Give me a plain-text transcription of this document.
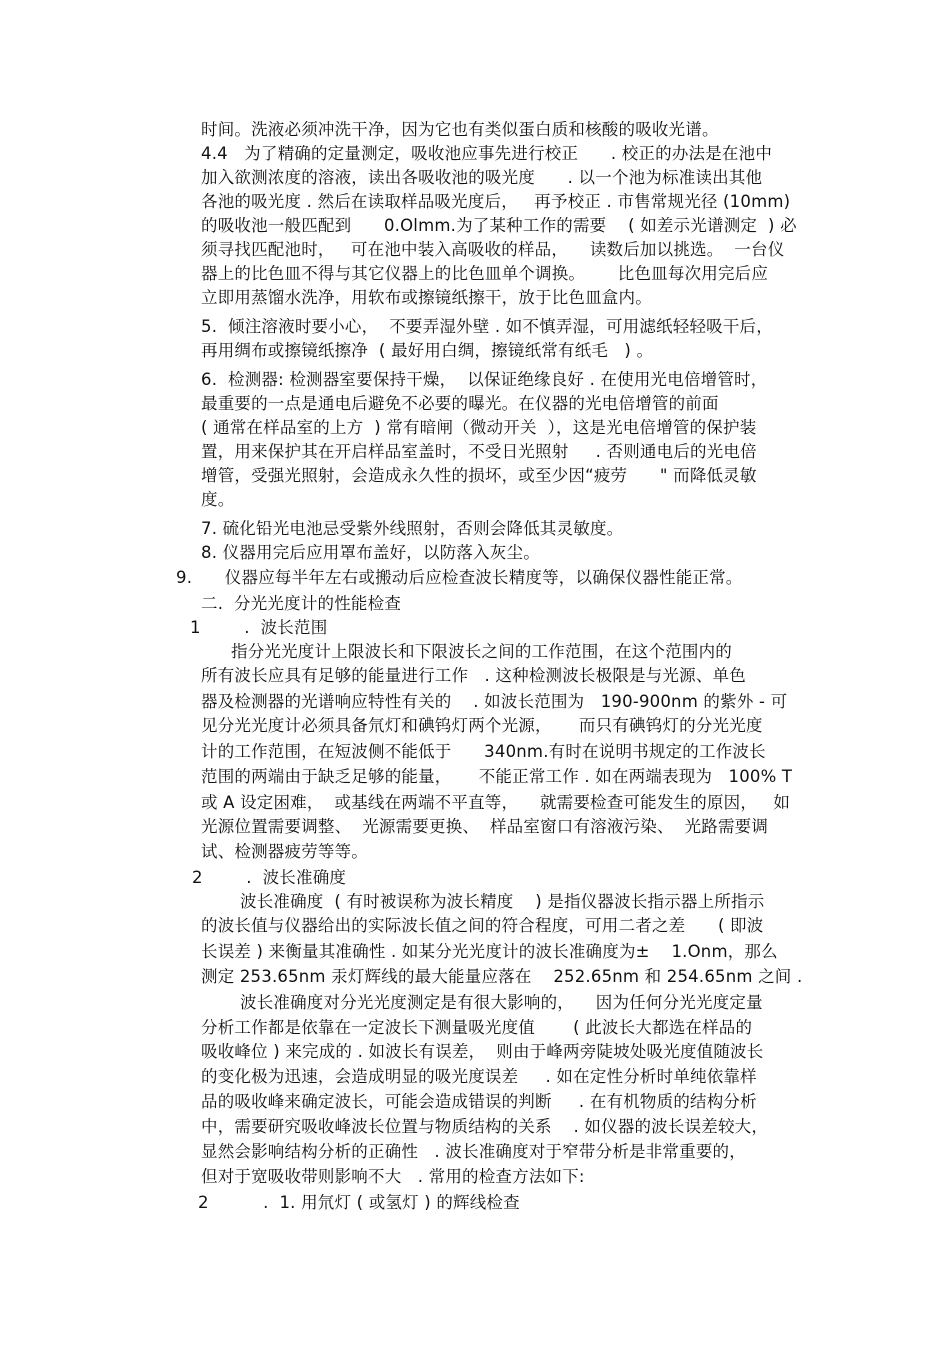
时间。洗液必须冲洗干净，因为它也有类似蛋白质和核酸的吸收光谱。
4.4   为了精确的定量测定，吸收池应事先进行校正      . 校正的办法是在池中
加入欲测浓度的溶液，读出各吸收池的吸光度      . 以一个池为标准读出其他
各池的吸光度 . 然后在读取样品吸光度后，   再予校正 . 市售常规光径 (10mm)
的吸收池一般匹配到      0.Olmm.为了某种工作的需要    ( 如差示光谱测定  ) 必
须寻找匹配池时，   可在池中装入高吸收的样品，    读数后加以挑选。  一台仪
器上的比色皿不得与其它仪器上的比色皿单个调换。      比色皿每次用完后应
立即用蒸馏水洗净，用软布或擦镜纸擦干，放于比色皿盒内。
5.  倾注溶液时要小心，  不要弄湿外壁 . 如不慎弄湿，可用滤纸轻轻吸干后，
再用绸布或擦镜纸擦净  ( 最好用白绸，擦镜纸常有纸毛   ) 。
6.  检测器: 检测器室要保持干燥，  以保证绝缘良好 . 在使用光电倍增管时，
最重要的一点是通电后避免不必要的曝光。在仪器的光电倍增管的前面
( 通常在样品室的上方  ) 常有暗闸（微动开关  ），这是光电倍增管的保护装
置，用来保护其在开启样品室盖时，不受日光照射     . 否则通电后的光电倍
增管，受强光照射，会造成永久性的损坏，或至少因“疲劳      " 而降低灵敏
度。
7. 硫化铅光电池忌受紫外线照射，否则会降低其灵敏度。
8. 仪器用完后应用罩布盖好，以防落入灰尘。
9.      仪器应每半年左右或搬动后应检查波长精度等，以确保仪器性能正常。
二.  分光光度计的性能检查
1        .  波长范围
指分光光度计上限波长和下限波长之间的工作范围，在这个范围内的
所有波长应具有足够的能量进行工作   . 这种检测波长极限是与光源、单色
器及检测器的光谱响应特性有关的    . 如波长范围为   190-900nm 的紫外 - 可
见分光光度计必须具备氘灯和碘钨灯两个光源，     而只有碘钨灯的分光光度
计的工作范围，在短波侧不能低于      340nm.有时在说明书规定的工作波长
范围的两端由于缺乏足够的能量，     不能正常工作 . 如在两端表现为   100% T
或 A 设定困难，  或基线在两端不平直等，    就需要检查可能发生的原因，   如
光源位置需要调整、  光源需要更换、  样品室窗口有溶液污染、  光路需要调
试、检测器疲劳等等。
2        .  波长准确度
波长准确度  ( 有时被误称为波长精度    ) 是指仪器波长指示器上所指示
的波长值与仪器给出的实际波长值之间的符合程度，可用二者之差      ( 即波
长误差 ) 来衡量其准确性 . 如某分光光度计的波长准确度为±    1.Onm，那么
测定 253.65nm 汞灯辉线的最大能量应落在    252.65nm 和 254.65nm 之间 .
波长准确度对分光光度测定是有很大影响的，    因为任何分光光度定量
分析工作都是依靠在一定波长下测量吸光度值       ( 此波长大都选在样品的
吸收峰位 ) 来完成的 . 如波长有误差，  则由于峰两旁陡坡处吸光度值随波长
的变化极为迅速，会造成明显的吸光度误差     . 如在定性分析时单纯依靠样
品的吸收峰来确定波长，可能会造成错误的判断     . 在有机物质的结构分析
中，需要研究吸收峰波长位置与物质结构的关系    . 如仪器的波长误差较大，
显然会影响结构分析的正确性   . 波长准确度对于窄带分析是非常重要的，
但对于宽吸收带则影响不大   . 常用的检查方法如下:
2          .  1. 用氘灯 ( 或氢灯 ) 的辉线检查
